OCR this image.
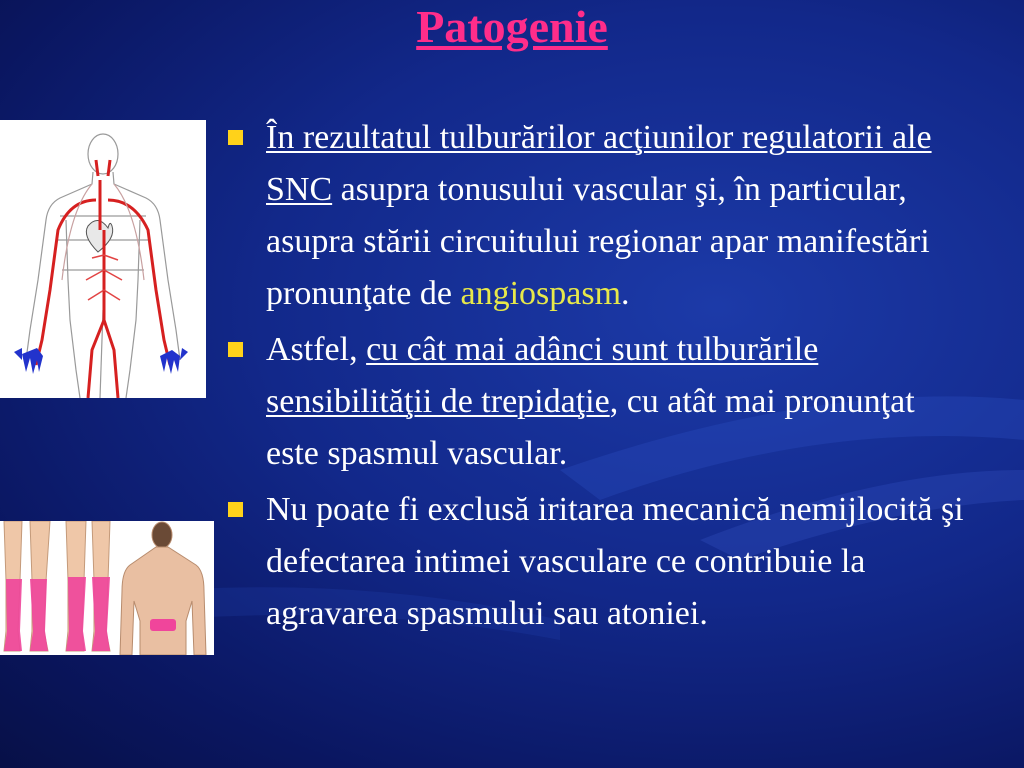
Patogenie

În rezultatul tulburărilor acţiunilor regulatorii ale SNC asupra tonusului vascular şi, în particular, asupra stării circuitului regionar apar manifestări pronunţate de angiospasm.

Astfel, cu cât mai adânci sunt tulburările sensibilităţii de trepidaţie, cu atât mai pronunţat este spasmul vascular.

Nu poate fi exclusă iritarea mecanică nemijlocită şi defectarea intimei vasculare ce contribuie la agravarea spasmului sau atoniei.
